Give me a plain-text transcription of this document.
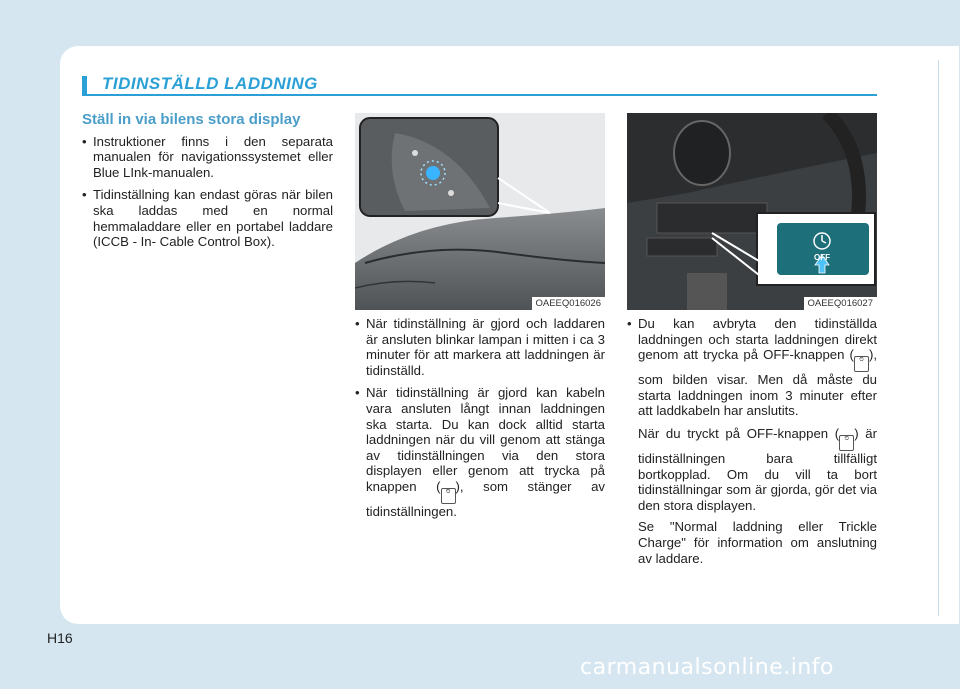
TIDINSTÄLLD LADDNING
Ställ in via bilens stora display
• Instruktioner finns i den separata manualen för navigationssystemet eller Blue LInk-manualen.
• Tidinställning kan endast göras när bilen ska laddas med en normal hemmaladdare eller en portabel laddare (ICCB - In- Cable Control Box).
OAEEQ016026
OFF
OAEEQ016027
• När tidinställning är gjord och laddaren är ansluten blinkar lampan i mitten i ca 3 minuter för att markera att laddningen är tidinställd.
• När tidinställning är gjord kan kabeln vara ansluten långt innan laddningen ska starta. Du kan dock alltid starta laddningen när du vill genom att stänga av tidinställningen via den stora displayen eller genom att trycka på knappen ( ⏲ ), som stänger av tidinställningen.
• Du kan avbryta den tidinställda laddningen och starta laddningen direkt genom att trycka på OFF-knappen ( ⏲ ), som bilden visar. Men då måste du starta laddningen inom 3 minuter efter att laddkabeln har anslutits.

När du tryckt på OFF-knappen ( ⏲ ) är tidinställningen bara tillfälligt bortkopplad. Om du vill ta bort tidinställningar som är gjorda, gör det via den stora displayen.

Se "Normal laddning eller Trickle Charge" för information om anslutning av laddare.

H16
carmanualsonline.info
